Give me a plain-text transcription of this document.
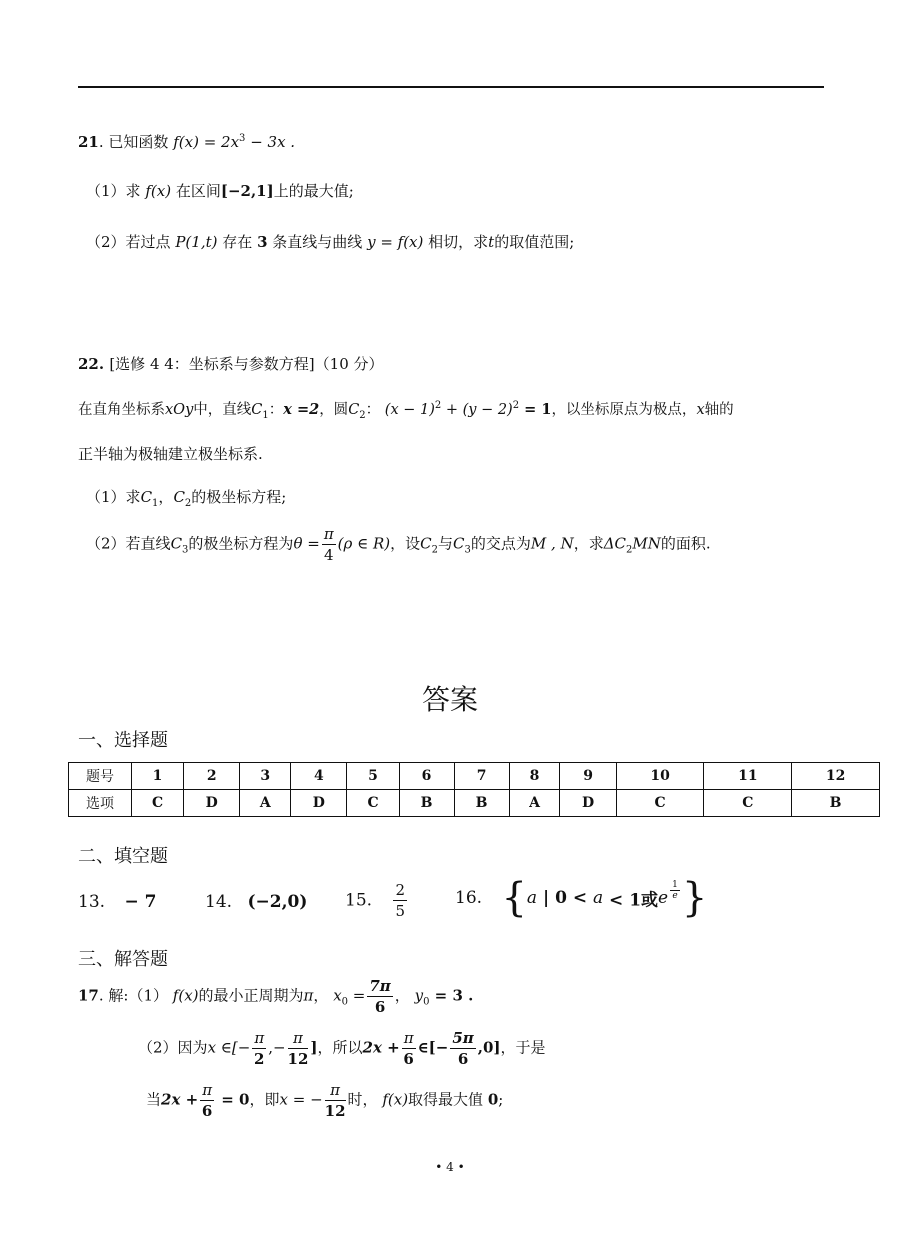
21. 已知函数 $f(x) = 2x^3 - 3x$ .
（1）求 f(x) 在区间[−2,1]上的最大值;
（2）若过点 P(1,t) 存在 3 条直线与曲线 y = f(x) 相切，求t的取值范围;
22. [选修 4 4：坐标系与参数方程]（10 分）
在直角坐标系xOy中，直线$C_1$：x =2，圆$C_2$： $(x - 1)^2 + (y - 2)^2 = 1$，以坐标原点为极点，x轴的
正半轴为极轴建立极坐标系.
（1）求$C_1$，$C_2$的极坐标方程;
（2）若直线$C_3$的极坐标方程为$\theta = \frac{\pi}{4} (\rho$ ∈ R)，设$C_2$与$C_3$的交点为M , N，求$\Delta C_2MN$的面积.
答案
一、选择题
题号	1	2	3	4	5	6	7	8	9	10	11	12
选项	C	D	A	D	C	B	B	A	D	C	C	B
二、填空题
13. − 7	14. (−2,0) 15. $\frac{2}{5}$	16. {a | 0 < a < 1或e $\frac{1}{e}$ }
三、解答题
17. 解:（1） f(x)的最小正周期为π， $x_0 = \frac{7\pi}{6}$ ， $y_0 = 3$ .
（2）因为x ∈[− $\frac{\pi}{2}$ ,− $\frac{\pi}{12}$ ]，所以$2x + \frac{\pi}{6}$ ∈[− $\frac{5\pi}{6} ,0$]，于是
当$2x + \frac{\pi}{6} = 0$，即x = − $\frac{\pi}{12}$ 时， f(x)取得最大值 0;
• 4 •
